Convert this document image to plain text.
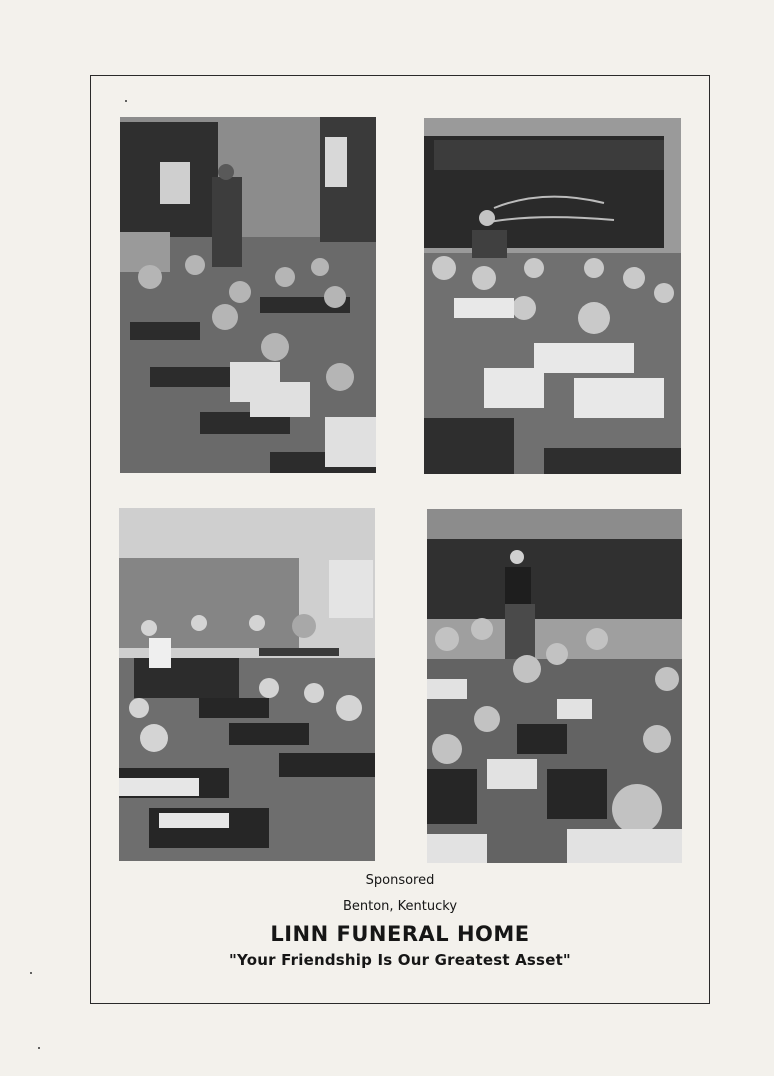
Sponsored
Benton, Kentucky
LINN FUNERAL HOME
"Your Friendship Is Our Greatest Asset"
